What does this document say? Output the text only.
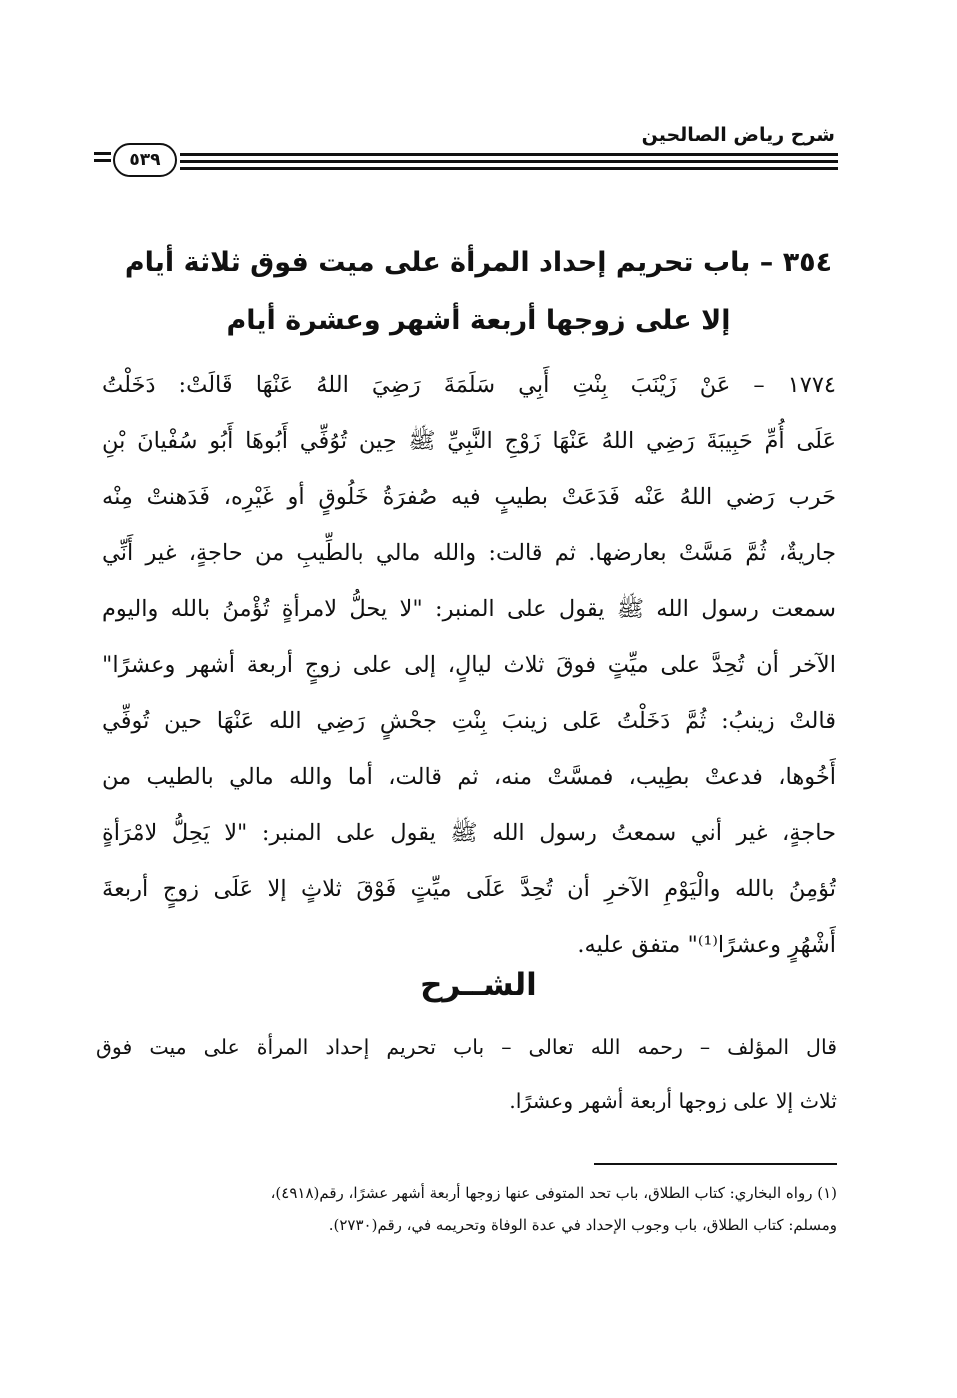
شرح رياض الصالحين
٥٣٩
٣٥٤ – باب تحريم إحداد المرأة على ميت فوق ثلاثة أيام
إلا على زوجها أربعة أشهر وعشرة أيام
١٧٧٤ – عَنْ زَيْنَبَ بِنْتِ أَبِي سَلَمَةَ رَضِيَ اللهُ عَنْهَا قَالَتْ: دَخَلْتُ
عَلَى أُمِّ حَبِيبَةَ رَضِي اللهُ عَنْهَا زَوْجِ النَّبِيِّ ﷺ حِين تُوُفِّي أَبُوهَا أَبُو سُفْيانَ بْنِ
حَرب رَضي اللهُ عَنْه فَدَعَتْ بطيبٍ فيه صُفرَةُ خَلُوقٍ أو غَيْرِه، فَدَهنتْ مِنْه
جاريةٌ، ثُمَّ مَسَّتْ بعارضها. ثم قالت: والله مالي بالطِّيبِ من حاجةٍ، غير أَنِّي
سمعت رسول الله ﷺ يقول على المنبر: "لا يحلُّ لامرأةٍ تُؤْمنُ بالله واليوم
الآخر أن تُحِدَّ على ميِّتٍ فوقَ ثلاث ليالٍ، إلى على زوجٍ أربعة أشهر وعشرًا"
قالتْ زينبُ: ثُمَّ دَخَلْتُ عَلى زينبَ بِنْتِ جحْشٍ رَضِي الله عَنْهَا حين تُوفِّي
أَخُوها، فدعتْ بطِيب، فمسَّتْ منه، ثم قالت، أما والله مالي بالطيب من
حاجةٍ، غير أني سمعتُ رسول الله ﷺ يقول على المنبر: "لا يَحِلُّ لامْرَأةٍ
تُؤمِنُ بالله والْيَوْمِ الآخرِ أن تُحِدَّ عَلَى ميِّتٍ فَوْقَ ثلاثٍ إلا عَلَى زوجٍ أربعةَ
أَشْهُرٍ وعشرًا⁽¹⁾" متفق عليه.
الشــرح
قال المؤلف – رحمه الله تعالى – باب تحريم إحداد المرأة على ميت فوق
ثلاث إلا على زوجها أربعة أشهر وعشرًا.
(١) رواه البخاري: كتاب الطلاق، باب تحد المتوفى عنها زوجها أربعة أشهر عشرًا، رقم(٤٩١٨)،
ومسلم: كتاب الطلاق، باب وجوب الإحداد في عدة الوفاة وتحريمه في، رقم(٢٧٣٠).
